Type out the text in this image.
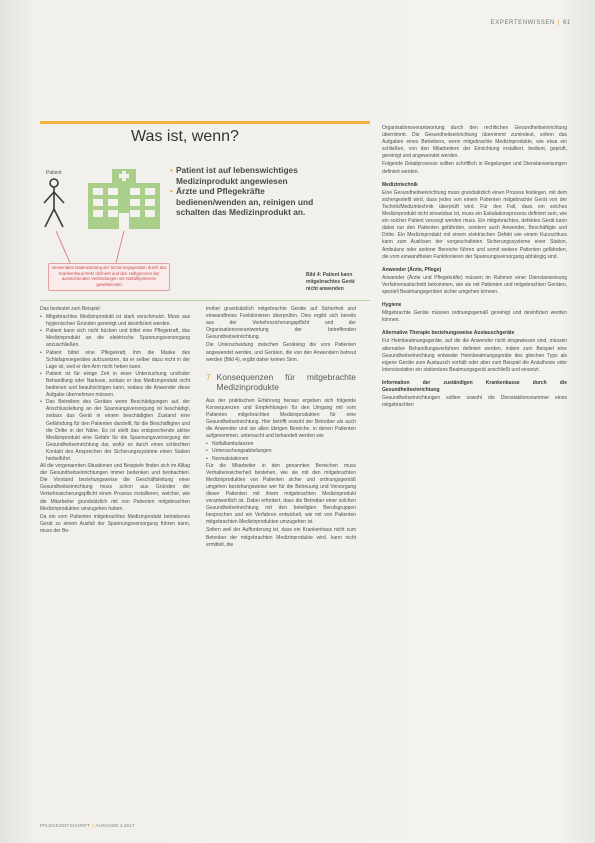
EXPERTENWISSEN | 61
Was ist, wenn?
Patient	• Patient ist auf lebenswichtiges Medizinprodukt angewiesen
• Ärzte und Pflegekräfte bedienen/wenden an, reinigen und schalten das Medizinprodukt an.
Verwendete Datenwartung der Sicherungsgeräten durch das Krankenhaus-Netz definiert und den Haftgrenzen der ausreichenden Verbindungen mit Notfallsystemen gewährleistet
Bild 4: Patient kann mitgebrachtes Gerät nicht anwenden

Das bedeutet zum Beispiel:

• Mitgebrachtes Medizinprodukt ist stark verschmutzt. Muss aus hygienischen Gründen gereinigt und desinfiziert werden.
• Patient kann sich nicht bücken und bittet eine Pflegekraft, das Medizinprodukt an die elektrische Spannungsversorgung anzuschließen.
• Patient bittet eine Pflegekraft, ihm die Maske des Schlafapnoegerätes aufzusetzen, da er selber dazu nicht in der Lage ist, weil er den Arm nicht heben kann.
• Patient ist für einige Zeit in einer Untersuchung und/oder Behandlung oder Narkose, sodass er das Medizinprodukt nicht bedienen und beaufsichtigen kann, sodass die Anwender diese Aufgabe übernehmen müssen.
• Das Betreiben des Gerätes wenn Beschädigungen auf, der Anschlussleitung an der Spannungsversorgung ist beschädigt, sodass das Gerät in einem beschädigten Zustand eine Gefährdung für den Patienten darstellt, für die Beschäftigten und die Dritte in der Nähe. Es ist stellt das entsprechende aktive Medizinprodukt eine Gefahr für die Spannungsversorgung der Gesundheitseinrichtung dar, wofür es durch einen schlechten Kontakt des Ansprechen der Sicherungssysteme einen Station herbeiführt.

All die vorgenannten Situationen und Beispiele finden sich im Alltag der Gesundheitseinrichtungen immer bedenken und beobachten. Die Vorstand beziehungsweise die Geschäftsleitung einer Gesundheitseinrichtung muss schon aus Gründen der Verkehrssicherungspflicht einen Prozess installieren, welcher, wie die Mitarbeiter grundsätzlich mit von Patienten mitgebrachten Medizinprodukten umzugehen haben.

Da ein vom Patienten mitgebrachtes Medizinprodukt betriebenes Gerät zu einem Ausfall der Spannungsversorgung führen kann, muss der Be-

treiber grundsätzlich mitgebrachte Geräte auf Sicherheit und einwandfreies Funktionieren überprüfen. Dies ergibt sich bereits aus der Verkehrssicherungspflicht und der Organisationsverantwortung der betreffenden Gesundheitseinrichtung.

Die Unterscheidung zwischen Gerätelog die vom Patienten angewendet werden, und Geräten, die von den Anwendern betreut werden (Bild 4), ergibt daher keinen Sinn.

7 Konsequenzen für mitgebrachte Medizinprodukte

Aus der praktischen Erfahrung heraus ergeben sich folgende Konsequenzen und Empfehlungen für den Umgang mit vom Patienten mitgebrachten Medizinprodukten für eine Gesundheitseinrichtung. Hier betrifft sowohl der Betreiber als auch die Anwender und sie allen übrigen Bereiche, in denen Patienten aufgenommen, untersucht und behandelt werden wie

• Notfallambulanzen
• Untersuchungsabteilungen
• Normalstationen

Für die Mitarbeiter in den genannten Bereichen muss Verhaltenssicherheit bestehen, wie sie mit den mitgebrachten Medizinprodukten von Patienten sicher und ordnungsgemäß umgehen beziehungsweise wer für die Betreuung und Versorgung dieser Patienten mit ihrem mitgebrachten Medizinprodukt verantwortlich ist. Dabei erfordert, dass die Betreiber einer solchen Gesundheitseinrichtung mit den beteiligten Berufsgruppen besprochen und ein Verfahren entwickelt, wie mit von Patienten mitgebrachten Medizinprodukten umzugehen ist.

Sofern weil der Aufforderung ist, dass ein Krankenhaus nicht zum Betreiber der mitgebrachten Medizinprodukte wird, kann nicht ermittelt, die

Organisationsverantwortung durch den rechtlichen Gesundheitseinrichtung übernimmt. Die Gesundheitseinrichtung übernimmt zumindest, sofern das Aufgaben eines Betreibers, wenn mitgebrachte Medizinprodukte, wie etwa ein schließen, von den Mitarbeitern der Einrichtung installiert, bedient, geprüft, gereinigt und angewendet werden.

Folgende Detailprozesse sollten schriftlich in Regelungen und Dienstanweisungen definiert werden.

Medizintechnik

Eine Gesundheitseinrichtung muss grundsätzlich einen Prozess festlegen, mit dem sichergestellt wird, dass jedes von einem Patienten mitgebrachte Gerät von der Technik/Medizintechnik überprüft wird. Für den Fall, dass ein solches Medizinprodukt nicht einsetzbar ist, muss ein Eskalationsprozess definiert sein, wie ein solcher Patient versorgt werden muss. Ein mitgebrachtes, defektes Gerät kann dabei nur den Patienten gefährden, sondern auch Anwender, Beschäftigte und Dritte. Ein Medizinprodukt mit einem elektrischen Defekt wie einem Kurzschluss kann zum Auslösen der vorgeschalteten Sicherungssysteme einer Station, Ambulanz oder anderer Bereiche führen und somit weitere Patienten gefährden, die vom einwandfreien Funktionieren der Spannungsversorgung abhängig sind.

Anwender (Ärzte, Pflege)

Anwender (Ärzte und Pflegekräfte) müssen im Rahmen einer Dienstanweisung Verfahrensabschnitt bekommen, wie sie mit Patienten und mitgebrachten Geräten, speziell Beatmungsgeräten sicher umgehen können.

Hygiene

Mitgebrachte Geräte müssen ordnungsgemäß gereinigt und desinfiziert werden können.

Alternative Therapie beziehungsweise Austauschgeräte

Für Heimbeatmungsgeräte, auf die die Anwender nicht eingewiesen sind, müssen alternative Behandlungsverfahren definiert werden, indem zum Beispiel eine Gesundheitseinrichtung entweder Heimbeatmungsgeräte des gleichen Typs als eigene Geräte zum Austausch vorhält oder aber zum Beispiel die Anästhesie oder Intensivstation ein stationäres Beatmungsgerät anschließt und einsetzt.

Information der zuständigen Krankenkasse durch die Gesundheitseinrichtung

Gesundheitseinrichtungen sollten sowohl die Dienstaktionsnummer eines mitgebrachten

PFLEGEZEITSCHRIFT | AUSGABE 4.2017
